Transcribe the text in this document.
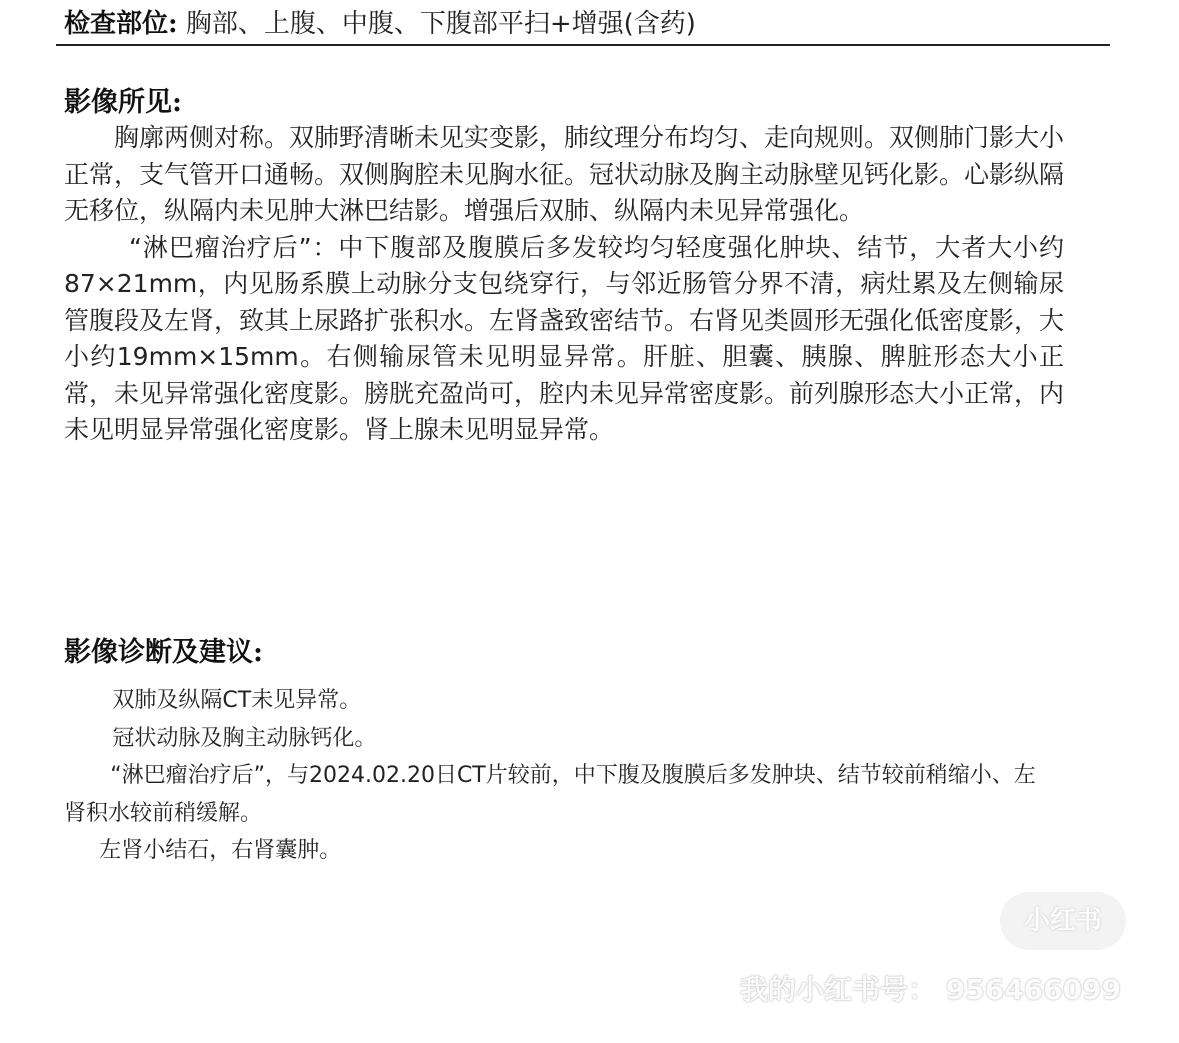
检查部位: 胸部、上腹、中腹、下腹部平扫+增强(含药)
影像所见:

胸廓两侧对称。双肺野清晰未见实变影，肺纹理分布均匀、走向规则。双侧肺门影大小正常，支气管开口通畅。双侧胸腔未见胸水征。冠状动脉及胸主动脉壁见钙化影。心影纵隔无移位，纵隔内未见肿大淋巴结影。增强后双肺、纵隔内未见异常强化。

“淋巴瘤治疗后”：中下腹部及腹膜后多发较均匀轻度强化肿块、结节，大者大小约87×21mm，内见肠系膜上动脉分支包绕穿行，与邻近肠管分界不清，病灶累及左侧输尿管腹段及左肾，致其上尿路扩张积水。左肾盏致密结节。右肾见类圆形无强化低密度影，大小约19mm×15mm。右侧输尿管未见明显异常。肝脏、胆囊、胰腺、脾脏形态大小正常，未见异常强化密度影。膀胱充盈尚可，腔内未见异常密度影。前列腺形态大小正常，内未见明显异常强化密度影。肾上腺未见明显异常。

影像诊断及建议:

双肺及纵隔CT未见异常。

冠状动脉及胸主动脉钙化。

“淋巴瘤治疗后”，与2024.02.20日CT片较前，中下腹及腹膜后多发肿块、结节较前稍缩小、左肾积水较前稍缓解。

左肾小结石，右肾囊肿。

小红书
我的小红书号： 956466099
